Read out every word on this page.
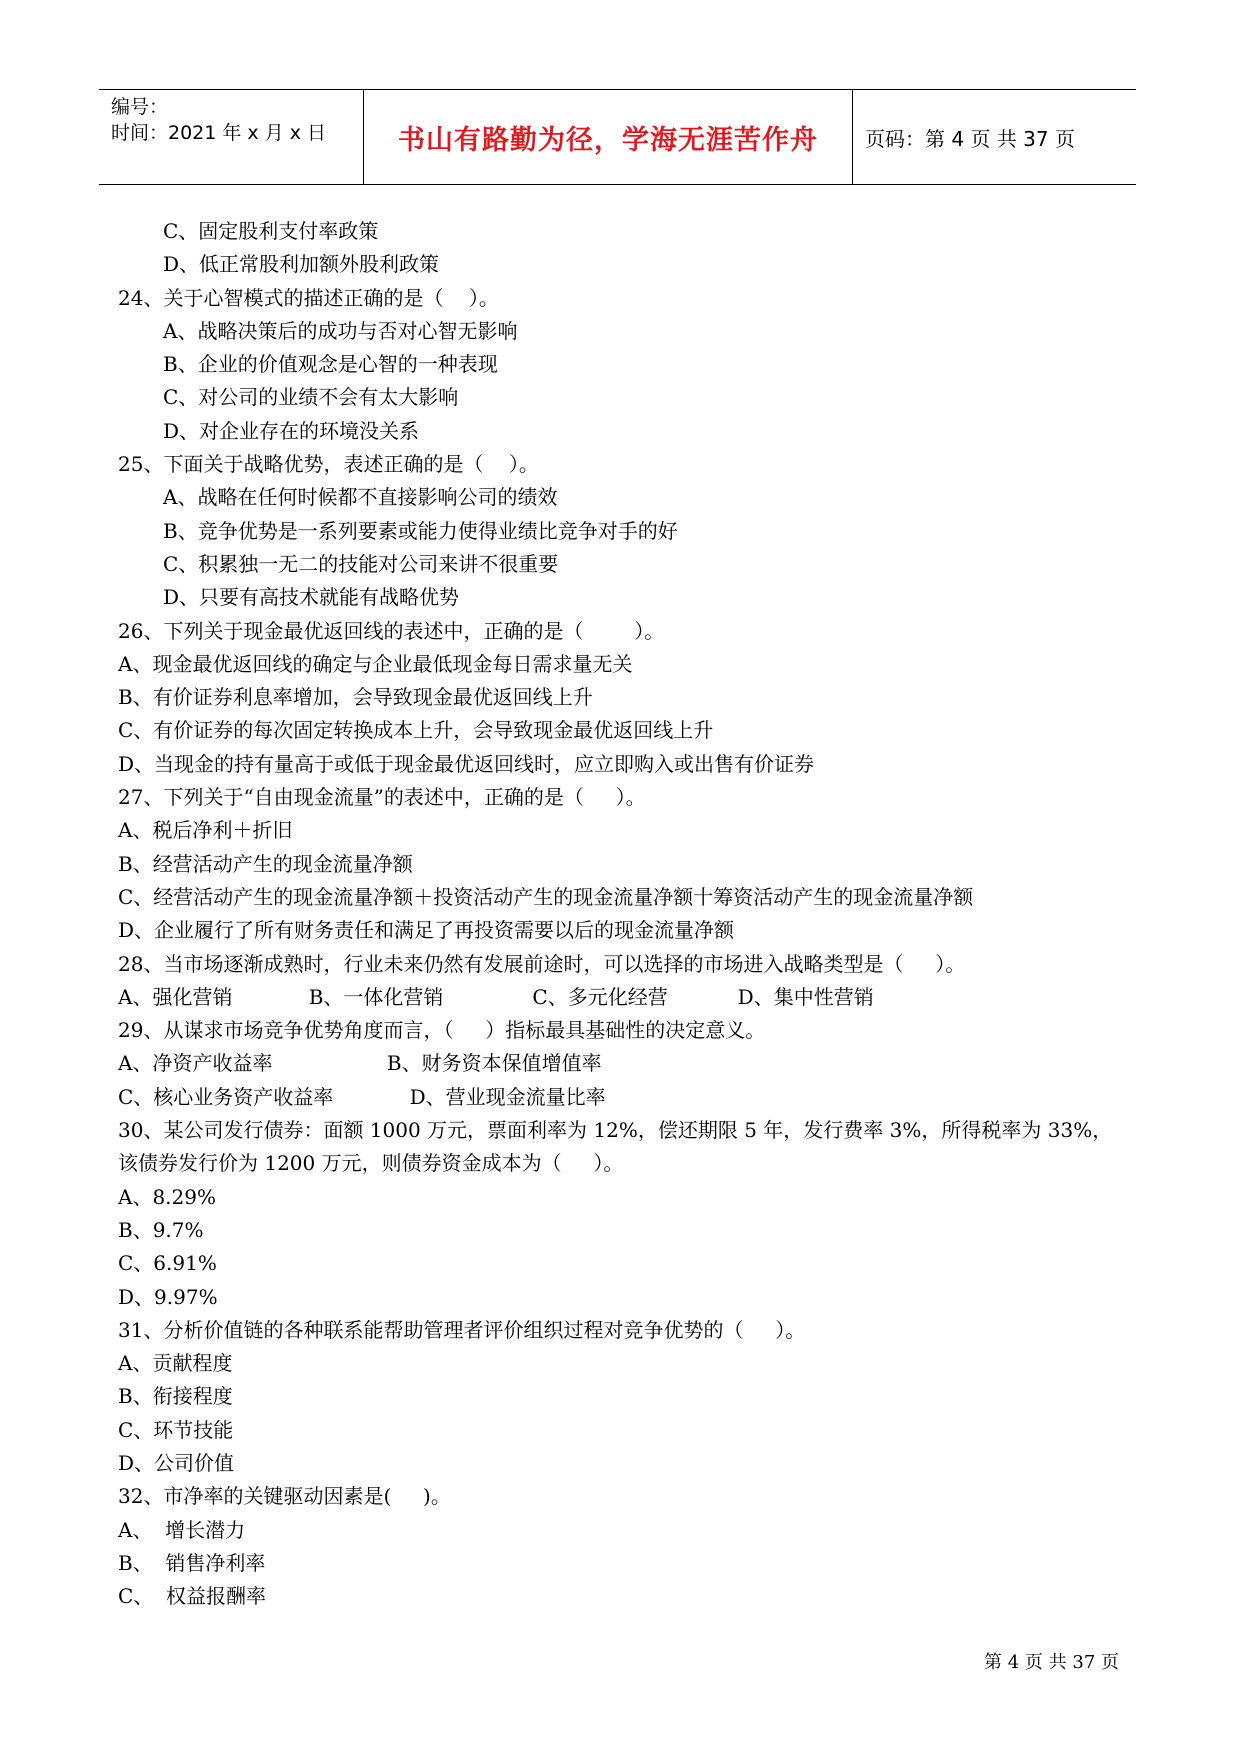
编号：
时间：2021 年 x 月 x 日	书山有路勤为径，学海无涯苦作舟 页码：第 4 页 共 37 页
C、固定股利支付率政策
D、低正常股利加额外股利政策
24、关于心智模式的描述正确的是（    ）。
A、战略决策后的成功与否对心智无影响
B、企业的价值观念是心智的一种表现
C、对公司的业绩不会有太大影响
D、对企业存在的环境没关系
25、下面关于战略优势，表述正确的是（    ）。
A、战略在任何时候都不直接影响公司的绩效
B、竞争优势是一系列要素或能力使得业绩比竞争对手的好
C、积累独一无二的技能对公司来讲不很重要
D、只要有高技术就能有战略优势
26、下列关于现金最优返回线的表述中，正确的是（        ）。
A、现金最优返回线的确定与企业最低现金每日需求量无关
B、有价证券利息率增加，会导致现金最优返回线上升
C、有价证券的每次固定转换成本上升，会导致现金最优返回线上升
D、当现金的持有量高于或低于现金最优返回线时，应立即购入或出售有价证券
27、下列关于“自由现金流量”的表述中，正确的是（     ）。
A、税后净利＋折旧
B、经营活动产生的现金流量净额
C、经营活动产生的现金流量净额＋投资活动产生的现金流量净额十筹资活动产生的现金流量净额
D、企业履行了所有财务责任和满足了再投资需要以后的现金流量净额
28、当市场逐渐成熟时，行业未来仍然有发展前途时，可以选择的市场进入战略类型是（     ）。
A、强化营销            B、一体化营销              C、多元化经营           D、集中性营销
29、从谋求市场竞争优势角度而言，（     ）指标最具基础性的决定意义。
A、净资产收益率                  B、财务资本保值增值率
C、核心业务资产收益率            D、营业现金流量比率
30、某公司发行债券：面额 1000 万元，票面利率为 12%，偿还期限 5 年，发行费率 3%，所得税率为 33%，
该债券发行价为 1200 万元，则债券资金成本为（     ）。
A、8.29%
B、9.7%
C、6.91%
D、9.97%
31、分析价值链的各种联系能帮助管理者评价组织过程对竞争优势的（     ）。
A、贡献程度
B、衔接程度
C、环节技能
D、公司价值
32、市净率的关键驱动因素是(     )。
A、  增长潜力
B、  销售净利率
C、  权益报酬率
第 4 页 共 37 页
